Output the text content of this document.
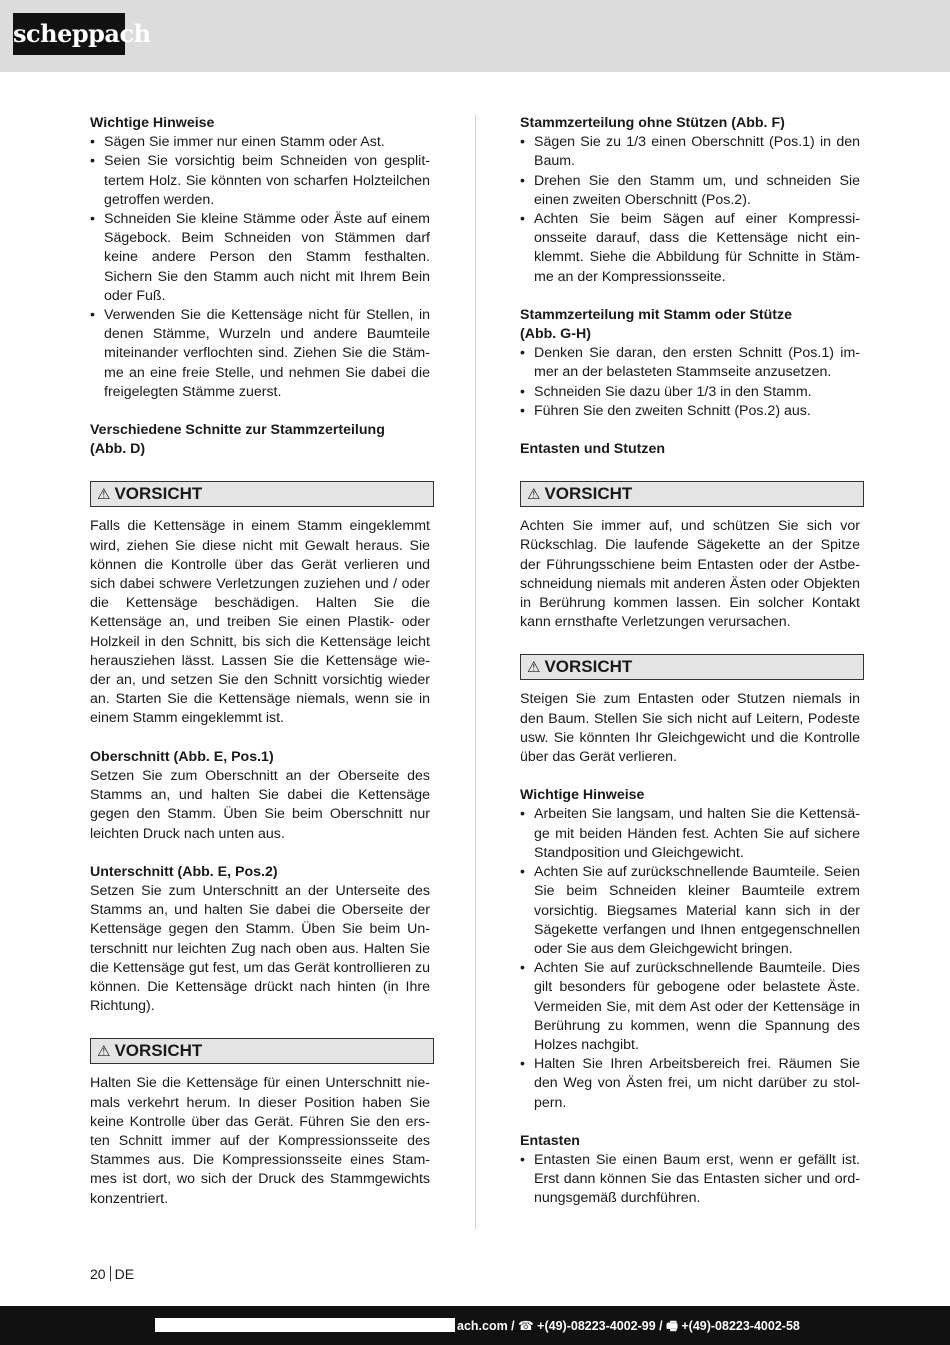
scheppach
Wichtige Hinweise
• Sägen Sie immer nur einen Stamm oder Ast.
• Seien Sie vorsichtig beim Schneiden von gesplittertem Holz. Sie könnten von scharfen Holzteilchen getroffen werden.
• Schneiden Sie kleine Stämme oder Äste auf einem Sägebock. Beim Schneiden von Stämmen darf keine andere Person den Stamm festhalten. Sichern Sie den Stamm auch nicht mit Ihrem Bein oder Fuß.
• Verwenden Sie die Kettensäge nicht für Stellen, in denen Stämme, Wurzeln und andere Baumteile miteinander verflochten sind. Ziehen Sie die Stämme an eine freie Stelle, und nehmen Sie dabei die freigelegten Stämme zuerst.
Verschiedene Schnitte zur Stammzerteilung
(Abb. D)
⚠ VORSICHT

Falls die Kettensäge in einem Stamm eingeklemmt wird, ziehen Sie diese nicht mit Gewalt heraus. Sie können die Kontrolle über das Gerät verlieren und sich dabei schwere Verletzungen zuziehen und / oder die Kettensäge beschädigen. Halten Sie die Kettensäge an, und treiben Sie einen Plastik- oder Holzkeil in den Schnitt, bis sich die Kettensäge leicht herausziehen lässt. Lassen Sie die Kettensäge wieder an, und setzen Sie den Schnitt vorsichtig wieder an. Starten Sie die Kettensäge niemals, wenn sie in einem Stamm eingeklemmt ist.

Oberschnitt (Abb. E, Pos.1)

Setzen Sie zum Oberschnitt an der Oberseite des Stamms an, und halten Sie dabei die Kettensäge gegen den Stamm. Üben Sie beim Oberschnitt nur leichten Druck nach unten aus.

Unterschnitt (Abb. E, Pos.2)

Setzen Sie zum Unterschnitt an der Unterseite des Stamms an, und halten Sie dabei die Oberseite der Kettensäge gegen den Stamm. Üben Sie beim Unterschnitt nur leichten Zug nach oben aus. Halten Sie die Kettensäge gut fest, um das Gerät kontrollieren zu können. Die Kettensäge drückt nach hinten (in Ihre Richtung).

⚠ VORSICHT

Halten Sie die Kettensäge für einen Unterschnitt niemals verkehrt herum. In dieser Position haben Sie keine Kontrolle über das Gerät. Führen Sie den ersten Schnitt immer auf der Kompressionsseite des Stammes aus. Die Kompressionsseite eines Stammes ist dort, wo sich der Druck des Stammgewichts konzentriert.

Stammzerteilung ohne Stützen (Abb. F)
• Sägen Sie zu 1/3 einen Oberschnitt (Pos.1) in den Baum.
• Drehen Sie den Stamm um, und schneiden Sie einen zweiten Oberschnitt (Pos.2).
• Achten Sie beim Sägen auf einer Kompressionsseite darauf, dass die Kettensäge nicht einklemmt. Siehe die Abbildung für Schnitte in Stämme an der Kompressionsseite.
Stammzerteilung mit Stamm oder Stütze
(Abb. G-H)
• Denken Sie daran, den ersten Schnitt (Pos.1) immer an der belasteten Stammseite anzusetzen.
• Schneiden Sie dazu über 1/3 in den Stamm.
• Führen Sie den zweiten Schnitt (Pos.2) aus.
Entasten und Stutzen
⚠ VORSICHT

Achten Sie immer auf, und schützen Sie sich vor Rückschlag. Die laufende Sägekette an der Spitze der Führungsschiene beim Entasten oder der Astbeschneidung niemals mit anderen Ästen oder Objekten in Berührung kommen lassen. Ein solcher Kontakt kann ernsthafte Verletzungen verursachen.

⚠ VORSICHT

Steigen Sie zum Entasten oder Stutzen niemals in den Baum. Stellen Sie sich nicht auf Leitern, Podeste usw. Sie könnten Ihr Gleichgewicht und die Kontrolle über das Gerät verlieren.

Wichtige Hinweise
• Arbeiten Sie langsam, und halten Sie die Kettensäge mit beiden Händen fest. Achten Sie auf sichere Standposition und Gleichgewicht.
• Achten Sie auf zurückschnellende Baumteile. Seien Sie beim Schneiden kleiner Baumteile extrem vorsichtig. Biegsames Material kann sich in der Sägekette verfangen und Ihnen entgegenschnellen oder Sie aus dem Gleichgewicht bringen.
• Achten Sie auf zurückschnellende Baumteile. Dies gilt besonders für gebogene oder belastete Äste. Vermeiden Sie, mit dem Ast oder der Kettensäge in Berührung zu kommen, wenn die Spannung des Holzes nachgibt.
• Halten Sie Ihren Arbeitsbereich frei. Räumen Sie den Weg von Ästen frei, um nicht darüber zu stolpern.
Entasten
• Entasten Sie einen Baum erst, wenn er gefällt ist. Erst dann können Sie das Entasten sicher und ordnungsgemäß durchführen.
20 DE
ach.com / ☎ +(49)-08223-4002-99 / 🖷 +(49)-08223-4002-58
